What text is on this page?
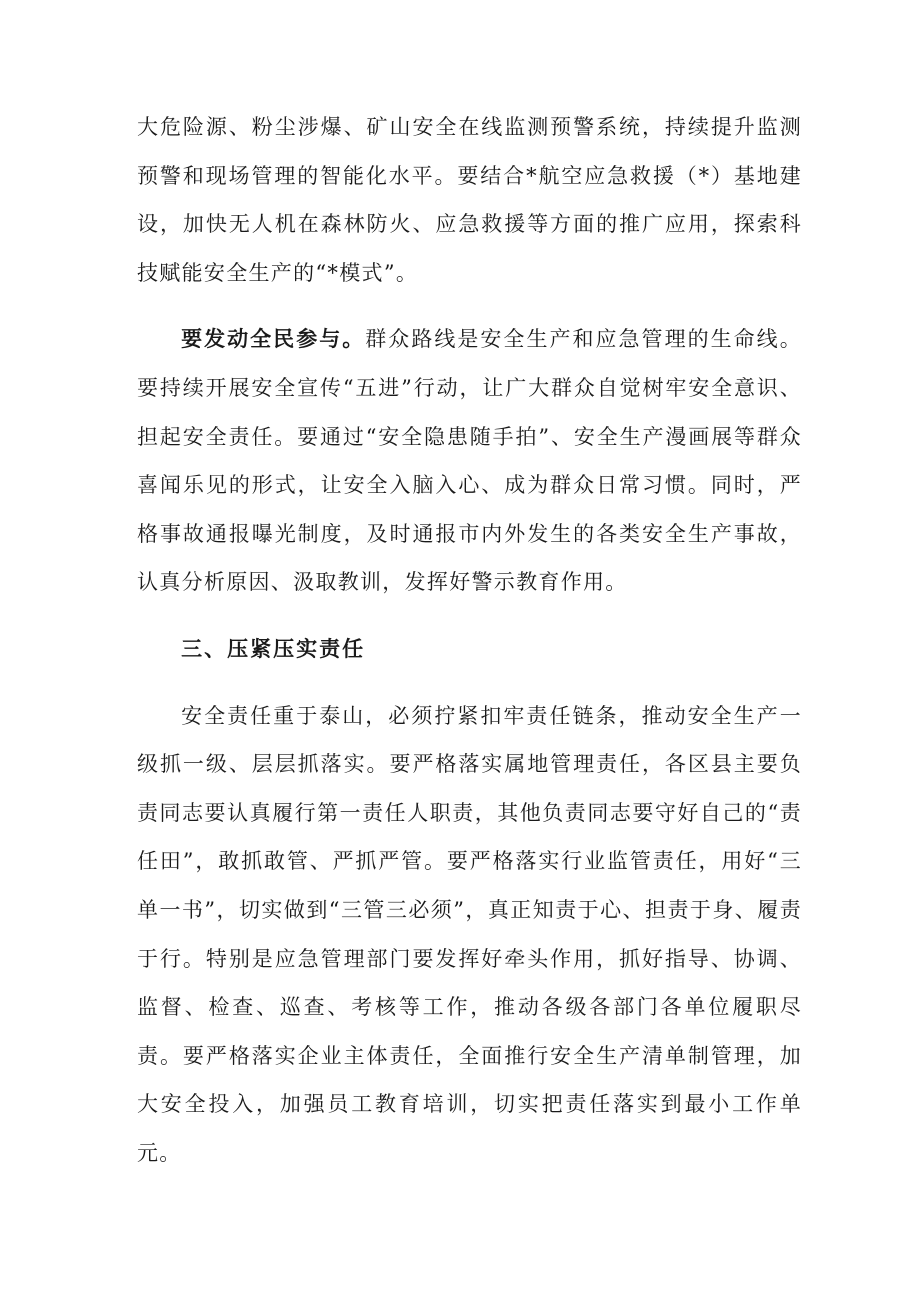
大危险源、粉尘涉爆、矿山安全在线监测预警系统，持续提升监测预警和现场管理的智能化水平。要结合*航空应急救援（*）基地建设，加快无人机在森林防火、应急救援等方面的推广应用，探索科技赋能安全生产的“*模式”。

要发动全民参与。群众路线是安全生产和应急管理的生命线。要持续开展安全宣传“五进”行动，让广大群众自觉树牢安全意识、担起安全责任。要通过“安全隐患随手拍”、安全生产漫画展等群众喜闻乐见的形式，让安全入脑入心、成为群众日常习惯。同时，严格事故通报曝光制度，及时通报市内外发生的各类安全生产事故，认真分析原因、汲取教训，发挥好警示教育作用。

三、压紧压实责任

安全责任重于泰山，必须拧紧扣牢责任链条，推动安全生产一级抓一级、层层抓落实。要严格落实属地管理责任，各区县主要负责同志要认真履行第一责任人职责，其他负责同志要守好自己的“责任田”，敢抓敢管、严抓严管。要严格落实行业监管责任，用好“三单一书”，切实做到“三管三必须”，真正知责于心、担责于身、履责于行。特别是应急管理部门要发挥好牵头作用，抓好指导、协调、监督、检查、巡查、考核等工作，推动各级各部门各单位履职尽责。要严格落实企业主体责任，全面推行安全生产清单制管理，加大安全投入，加强员工教育培训，切实把责任落实到最小工作单元。
